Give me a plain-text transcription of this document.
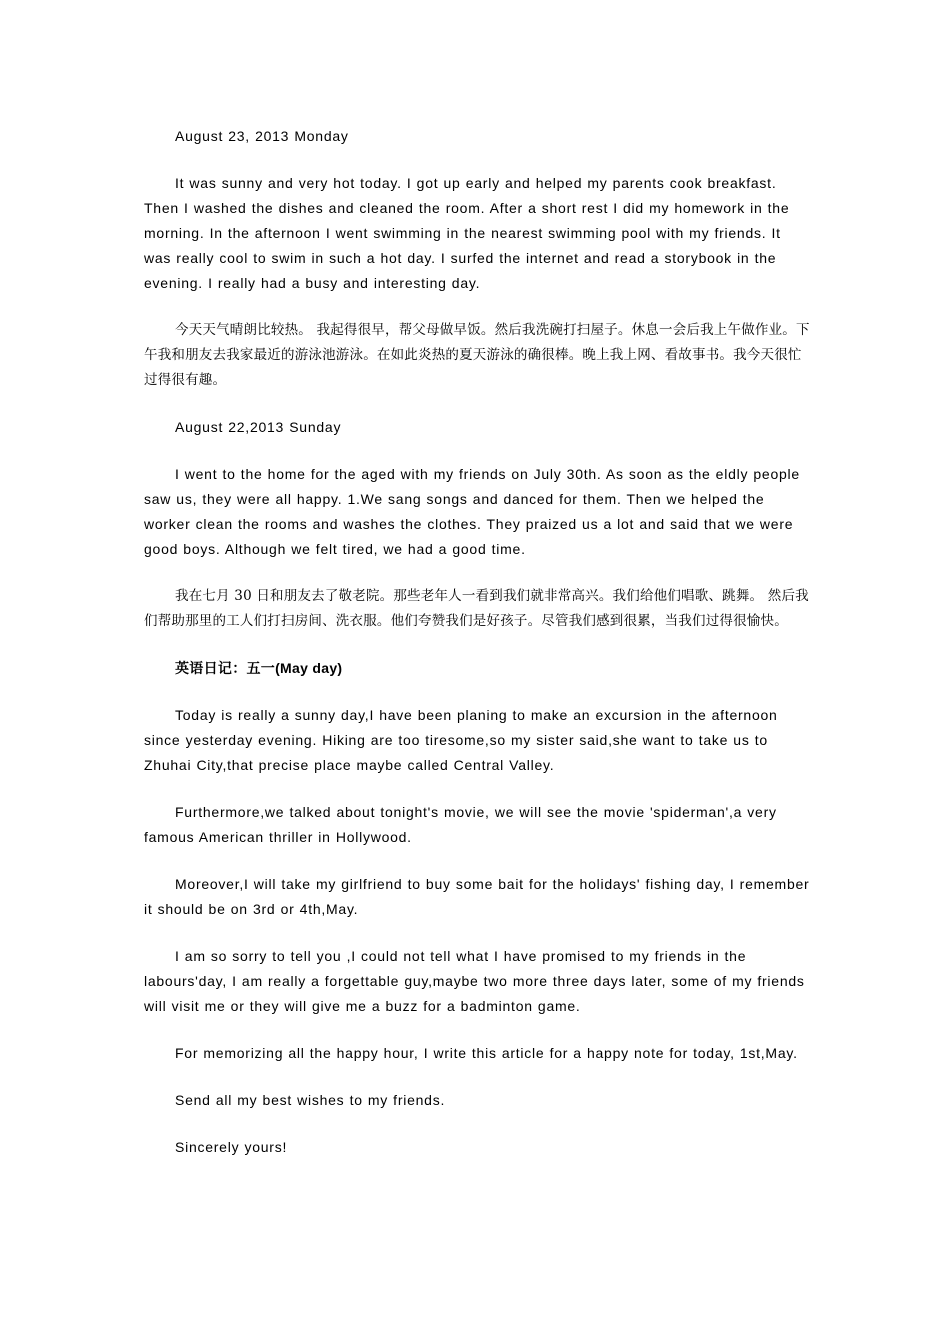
August 23, 2013 Monday

It was sunny and very hot today. I got up early and helped my parents cook breakfast. Then I washed the dishes and cleaned the room. After a short rest I did my homework in the morning. In the afternoon I went swimming in the nearest swimming pool with my friends. It was really cool to swim in such a hot day. I surfed the internet and read a storybook in the evening. I really had a busy and interesting day.

今天天气晴朗比较热。 我起得很早，帮父母做早饭。然后我洗碗打扫屋子。休息一会后我上午做作业。下午我和朋友去我家最近的游泳池游泳。在如此炎热的夏天游泳的确很棒。晚上我上网、看故事书。我今天很忙过得很有趣。

August 22,2013 Sunday

I went to the home for the aged with my friends on July 30th. As soon as the eldly people saw us, they were all happy. 1.We sang songs and danced for them. Then we helped the worker clean the rooms and washes the clothes. They praized us a lot and said that we were good boys. Although we felt tired, we had a good time.

我在七月 30 日和朋友去了敬老院。那些老年人一看到我们就非常高兴。我们给他们唱歌、跳舞。 然后我们帮助那里的工人们打扫房间、洗衣服。他们夸赞我们是好孩子。尽管我们感到很累，当我们过得很愉快。

英语日记：五一(May day)

Today is really a sunny day,I have been planing to make an excursion in the afternoon since yesterday evening. Hiking are too tiresome,so my sister said,she want to take us to Zhuhai City,that precise place maybe called Central Valley.

Furthermore,we talked about tonight's movie, we will see the movie 'spiderman',a very famous American thriller in Hollywood.

Moreover,I will take my girlfriend to buy some bait for the holidays' fishing day, I remember it should be on 3rd or 4th,May.

I am so sorry to tell you ,I could not tell what I have promised to my friends in the labours'day, I am really a forgettable guy,maybe two more three days later, some of my friends will visit me or they will give me a buzz for a badminton game.

For memorizing all the happy hour, I write this article for a happy note for today, 1st,May.

Send all my best wishes to my friends.

Sincerely yours!
